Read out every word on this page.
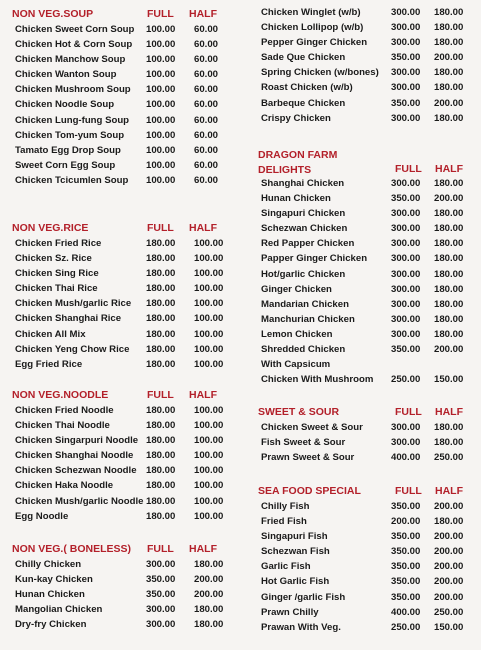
NON VEG.SOUP	FULL HALF
Chicken Sweet Corn Soup 100.00 60.00
Chicken Hot & Corn Soup 100.00 60.00
Chicken Manchow Soup 100.00 60.00
Chicken Wanton Soup	100.00 60.00
Chicken Mushroom Soup 100.00 60.00
Chicken Noodle Soup	100.00 60.00
Chicken Lung-fung Soup 100.00 60.00
Chicken Tom-yum Soup 100.00 60.00
Tamato Egg Drop Soup	100.00 60.00
Sweet Corn Egg Soup	100.00 60.00
Chicken Tcicumlen Soup 100.00 60.00
NON VEG.RICE	FULL HALF
Chicken Fried Rice	180.00 100.00
Chicken Sz. Rice	180.00 100.00
Chicken Sing Rice	180.00 100.00
Chicken Thai Rice	180.00 100.00
Chicken Mush/garlic Rice 180.00 100.00
Chicken Shanghai Rice	180.00 100.00
Chicken All Mix	180.00 100.00
Chicken Yeng Chow Rice 180.00 100.00
Egg Fried Rice	180.00 100.00
NON VEG.NOODLE	FULL HALF
Chicken Fried Noodle	180.00 100.00
Chicken Thai Noodle	180.00 100.00
Chicken Singarpuri Noodle 180.00 100.00
Chicken Shanghai Noodle 180.00 100.00
Chicken Schezwan Noodle 180.00 100.00
Chicken Haka Noodle	180.00 100.00
Chicken Mush/garlic Noodle 180.00 100.00
Egg Noodle	180.00 100.00
NON VEG.( BONELESS) FULL HALF
Chilly Chicken	300.00 180.00
Kun-kay Chicken	350.00 200.00
Hunan Chicken	350.00 200.00
Mangolian Chicken	300.00 180.00
Dry-fry Chicken	300.00 180.00
Chicken Winglet (w/b)	300.00 180.00
Chicken Lollipop (w/b)	300.00 180.00
Pepper Ginger Chicken 300.00 180.00
Sade Que Chicken	350.00 200.00
Spring Chicken (w/bones) 300.00 180.00
Roast Chicken (w/b)	300.00 180.00
Barbeque Chicken	350.00 200.00
Crispy Chicken	300.00 180.00
DRAGON FARM
DELIGHTS	FULL HALF
Shanghai Chicken	300.00 180.00
Hunan Chicken	350.00 200.00
Singapuri Chicken	300.00 180.00
Schezwan Chicken	300.00 180.00
Red Papper Chicken	300.00 180.00
Papper Ginger Chicken 300.00 180.00
Hot/garlic Chicken	300.00 180.00
Ginger Chicken	300.00 180.00
Mandarian Chicken	300.00 180.00
Manchurian Chicken	300.00 180.00
Lemon Chicken	300.00 180.00
Shredded Chicken	350.00 200.00
With Capsicum
Chicken With Mushroom 250.00 150.00
SWEET & SOUR	FULL HALF
Chicken Sweet & Sour	300.00 180.00
Fish Sweet & Sour	300.00 180.00
Prawn Sweet & Sour	400.00 250.00
SEA FOOD SPECIAL	FULL HALF
Chilly Fish	350.00 200.00
Fried Fish	200.00 180.00
Singapuri Fish	350.00 200.00
Schezwan Fish	350.00 200.00
Garlic Fish	350.00 200.00
Hot Garlic Fish	350.00 200.00
Ginger /garlic Fish	350.00 200.00
Prawn Chilly	400.00 250.00
Prawan With Veg.	250.00 150.00
